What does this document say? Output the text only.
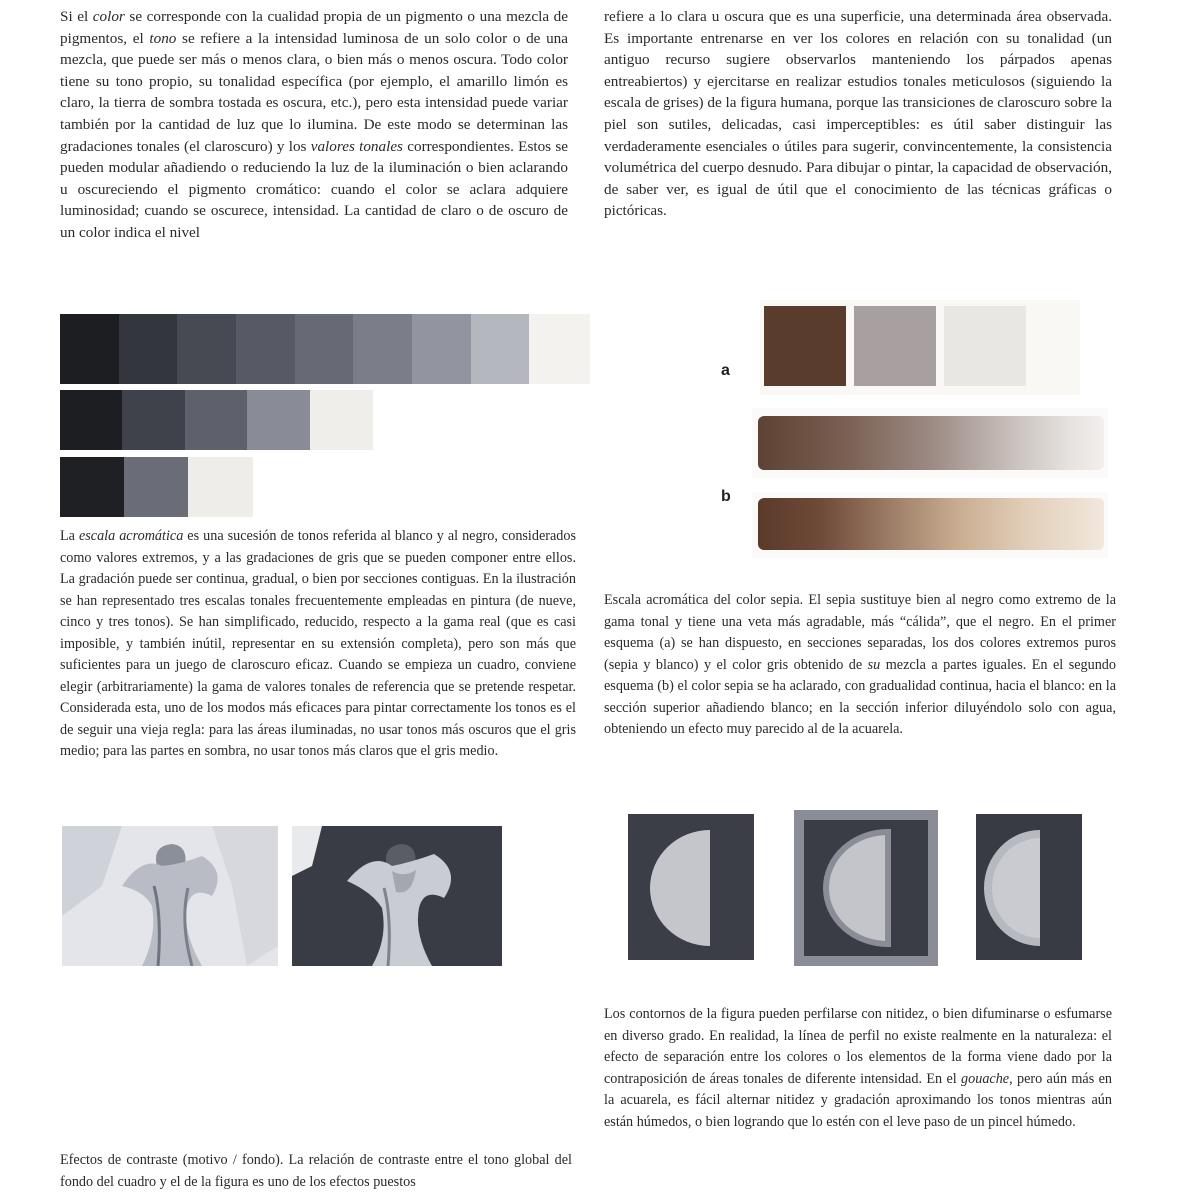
Si el color se corresponde con la cualidad propia de un pigmento o una mezcla de pigmentos, el tono se refiere a la intensidad luminosa de un solo color o de una mezcla, que puede ser más o menos clara, o bien más o menos oscura. Todo color tiene su tono propio, su tonalidad específica (por ejemplo, el amarillo limón es claro, la tierra de sombra tostada es oscura, etc.), pero esta intensidad puede variar también por la cantidad de luz que lo ilumina. De este modo se determinan las gradaciones tonales (el claroscuro) y los valores tonales correspondientes. Estos se pueden modular añadiendo o reduciendo la luz de la iluminación o bien aclarando u oscureciendo el pigmento cromático: cuando el color se aclara adquiere luminosidad; cuando se oscurece, intensidad. La cantidad de claro o de oscuro de un color indica el nivel

La escala acromática es una sucesión de tonos referida al blanco y al negro, considerados como valores extremos, y a las gradaciones de gris que se pueden componer entre ellos. La gradación puede ser continua, gradual, o bien por secciones contiguas. En la ilustración se han representado tres escalas tonales frecuentemente empleadas en pintura (de nueve, cinco y tres tonos). Se han simplificado, reducido, respecto a la gama real (que es casi imposible, y también inútil, representar en su extensión completa), pero son más que suficientes para un juego de claroscuro eficaz. Cuando se empieza un cuadro, conviene elegir (arbitrariamente) la gama de valores tonales de referencia que se pretende respetar. Considerada esta, uno de los modos más eficaces para pintar correctamente los tonos es el de seguir una vieja regla: para las áreas iluminadas, no usar tonos más oscuros que el gris medio; para las partes en sombra, no usar tonos más claros que el gris medio.

Efectos de contraste (motivo / fondo). La relación de contraste entre el tono global del fondo del cuadro y el de la figura es uno de los efectos puestos

refiere a lo clara u oscura que es una superficie, una determinada área observada. Es importante entrenarse en ver los colores en relación con su tonalidad (un antiguo recurso sugiere observarlos manteniendo los párpados apenas entreabiertos) y ejercitarse en realizar estudios tonales meticulosos (siguiendo la escala de grises) de la figura humana, porque las transiciones de claroscuro sobre la piel son sutiles, delicadas, casi imperceptibles: es útil saber distinguir las verdaderamente esenciales o útiles para sugerir, convincentemente, la consistencia volumétrica del cuerpo desnudo. Para dibujar o pintar, la capacidad de observación, de saber ver, es igual de útil que el conocimiento de las técnicas gráficas o pictóricas.

a
b

Escala acromática del color sepia. El sepia sustituye bien al negro como extremo de la gama tonal y tiene una veta más agradable, más “cálida”, que el negro. En el primer esquema (a) se han dispuesto, en secciones separadas, los dos colores extremos puros (sepia y blanco) y el color gris obtenido de su mezcla a partes iguales. En el segundo esquema (b) el color sepia se ha aclarado, con gradualidad continua, hacia el blanco: en la sección superior añadiendo blanco; en la sección inferior diluyéndolo solo con agua, obteniendo un efecto muy parecido al de la acuarela.

Los contornos de la figura pueden perfilarse con nitidez, o bien difuminarse o esfumarse en diverso grado. En realidad, la línea de perfil no existe realmente en la naturaleza: el efecto de separación entre los colores o los elementos de la forma viene dado por la contraposición de áreas tonales de diferente intensidad. En el gouache, pero aún más en la acuarela, es fácil alternar nitidez y gradación aproximando los tonos mientras aún están húmedos, o bien logrando que lo estén con el leve paso de un pincel húmedo.
